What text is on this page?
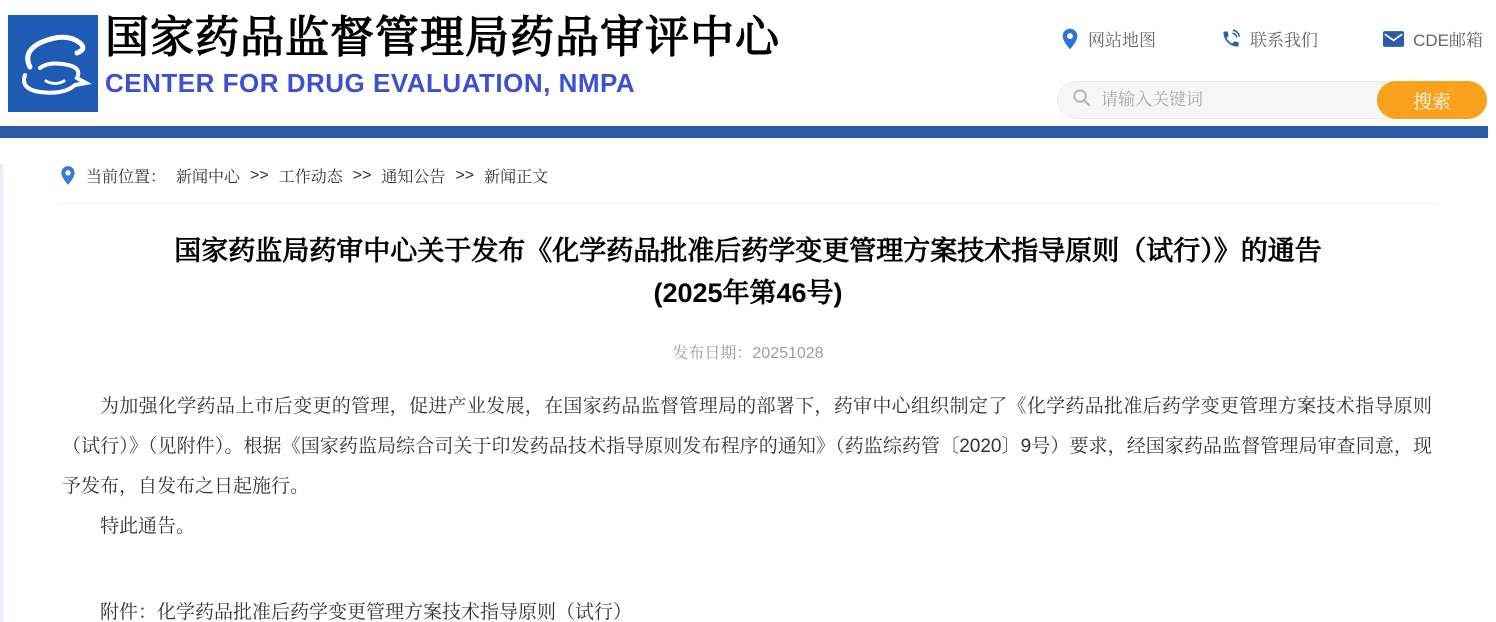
国家药品监督管理局药品审评中心
CENTER FOR DRUG EVALUATION, NMPA
网站地图	联系我们	CDE邮箱
请输入关键词
搜索
当前位置： 新闻中心 >> 工作动态 >> 通知公告 >> 新闻正文
国家药监局药审中心关于发布《化学药品批准后药学变更管理方案技术指导原则（试行）》的通告
(2025年第46号)
发布日期：20251028

为加强化学药品上市后变更的管理，促进产业发展，在国家药品监督管理局的部署下，药审中心组织制定了《化学药品批准后药学变更管理方案技术指导原则（试行）》（见附件）。根据《国家药监局综合司关于印发药品技术指导原则发布程序的通知》（药监综药管〔2020〕9号）要求，经国家药品监督管理局审查同意，现予发布，自发布之日起施行。

特此通告。

附件：化学药品批准后药学变更管理方案技术指导原则（试行）
